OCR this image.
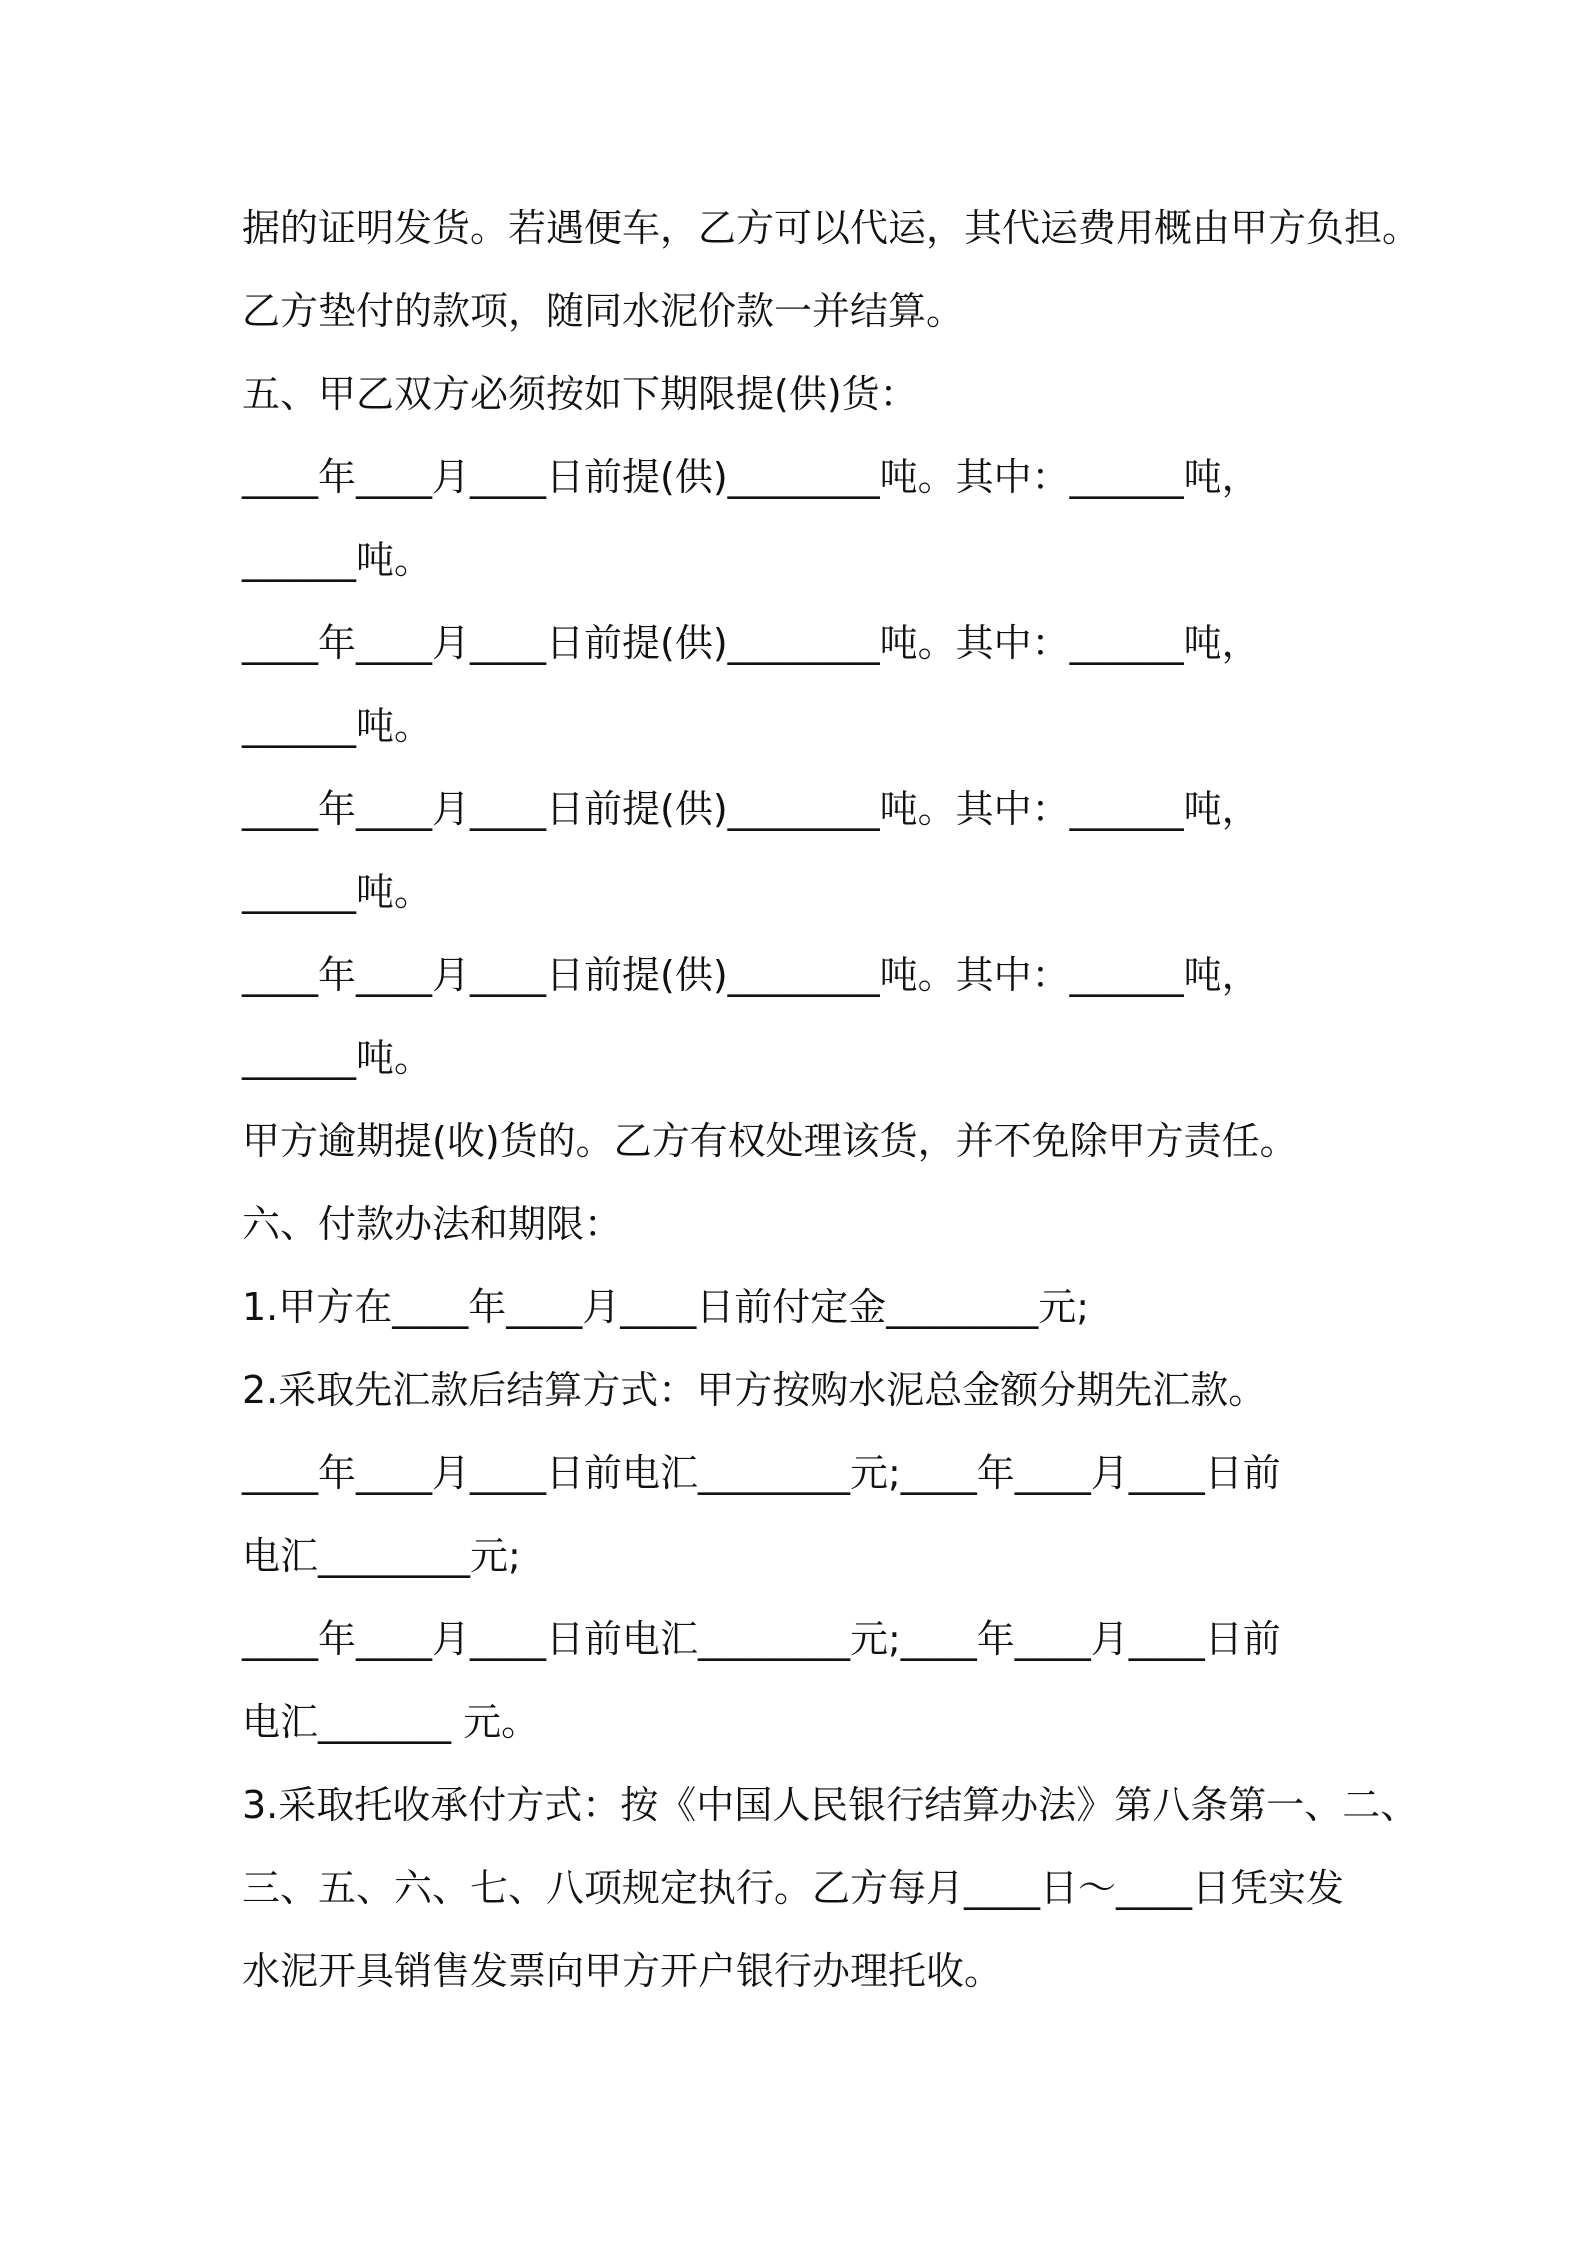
据的证明发货。若遇便车，乙方可以代运，其代运费用概由甲方负担。

乙方垫付的款项，随同水泥价款一并结算。

五、甲乙双方必须按如下期限提(供)货：

____年____月____日前提(供)________吨。其中：______吨，

______吨。

____年____月____日前提(供)________吨。其中：______吨，

______吨。

____年____月____日前提(供)________吨。其中：______吨，

______吨。

____年____月____日前提(供)________吨。其中：______吨，

______吨。

甲方逾期提(收)货的。乙方有权处理该货，并不免除甲方责任。

六、付款办法和期限：

1.甲方在____年____月____日前付定金________元;

2.采取先汇款后结算方式：甲方按购水泥总金额分期先汇款。

____年____月____日前电汇________元;____年____月____日前

电汇________元;

____年____月____日前电汇________元;____年____月____日前

电汇_______ 元。

3.采取托收承付方式：按《中国人民银行结算办法》第八条第一、二、

三、五、六、七、八项规定执行。乙方每月____日～____日凭实发

水泥开具销售发票向甲方开户银行办理托收。
